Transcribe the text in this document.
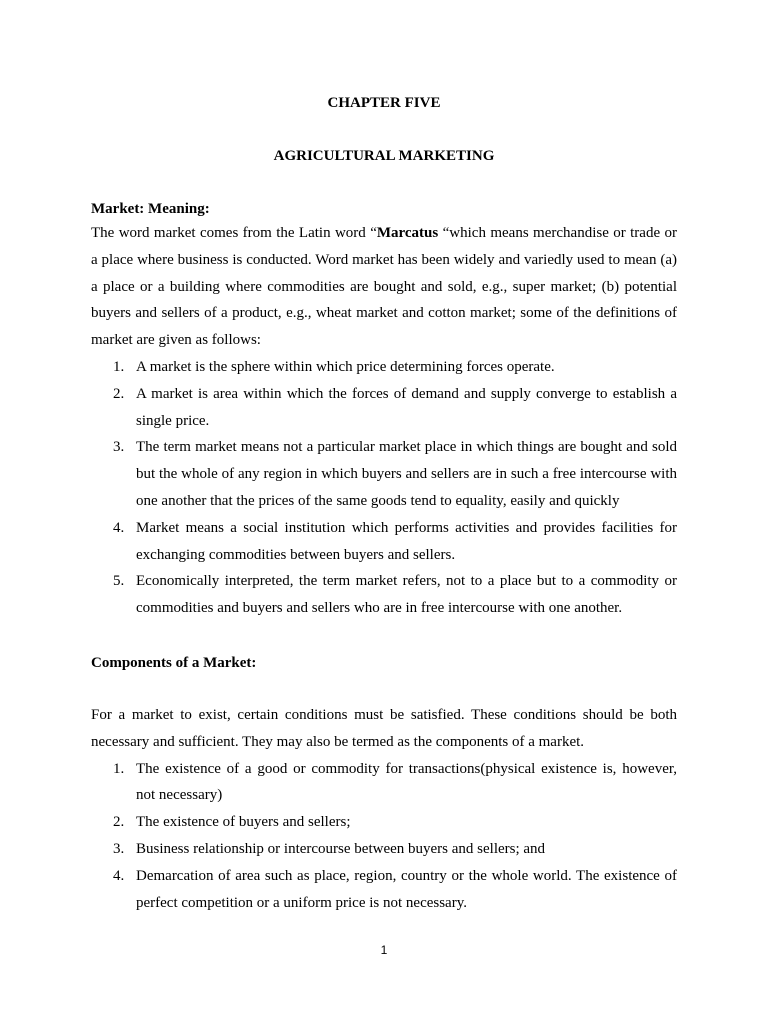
CHAPTER FIVE
AGRICULTURAL MARKETING

Market: Meaning:

The word market comes from the Latin word “Marcatus “which means merchandise or trade or a place where business is conducted. Word market has been widely and variedly used to mean (a) a place or a building where commodities are bought and sold, e.g., super market; (b) potential buyers and sellers of a product, e.g., wheat market and cotton market; some of the definitions of market are given as follows:

1. A market is the sphere within which price determining forces operate.
2. A market is area within which the forces of demand and supply converge to establish a single price.
3. The term market means not a particular market place in which things are bought and sold but the whole of any region in which buyers and sellers are in such a free intercourse with one another that the prices of the same goods tend to equality, easily and quickly
4. Market means a social institution which performs activities and provides facilities for exchanging commodities between buyers and sellers.
5. Economically interpreted, the term market refers, not to a place but to a commodity or commodities and buyers and sellers who are in free intercourse with one another.

Components of a Market:

For a market to exist, certain conditions must be satisfied. These conditions should be both necessary and sufficient. They may also be termed as the components of a market.

1. The existence of a good or commodity for transactions(physical existence is, however, not necessary)
2. The existence of buyers and sellers;
3. Business relationship or intercourse between buyers and sellers; and
4. Demarcation of area such as place, region, country or the whole world. The existence of perfect competition or a uniform price is not necessary.
1
